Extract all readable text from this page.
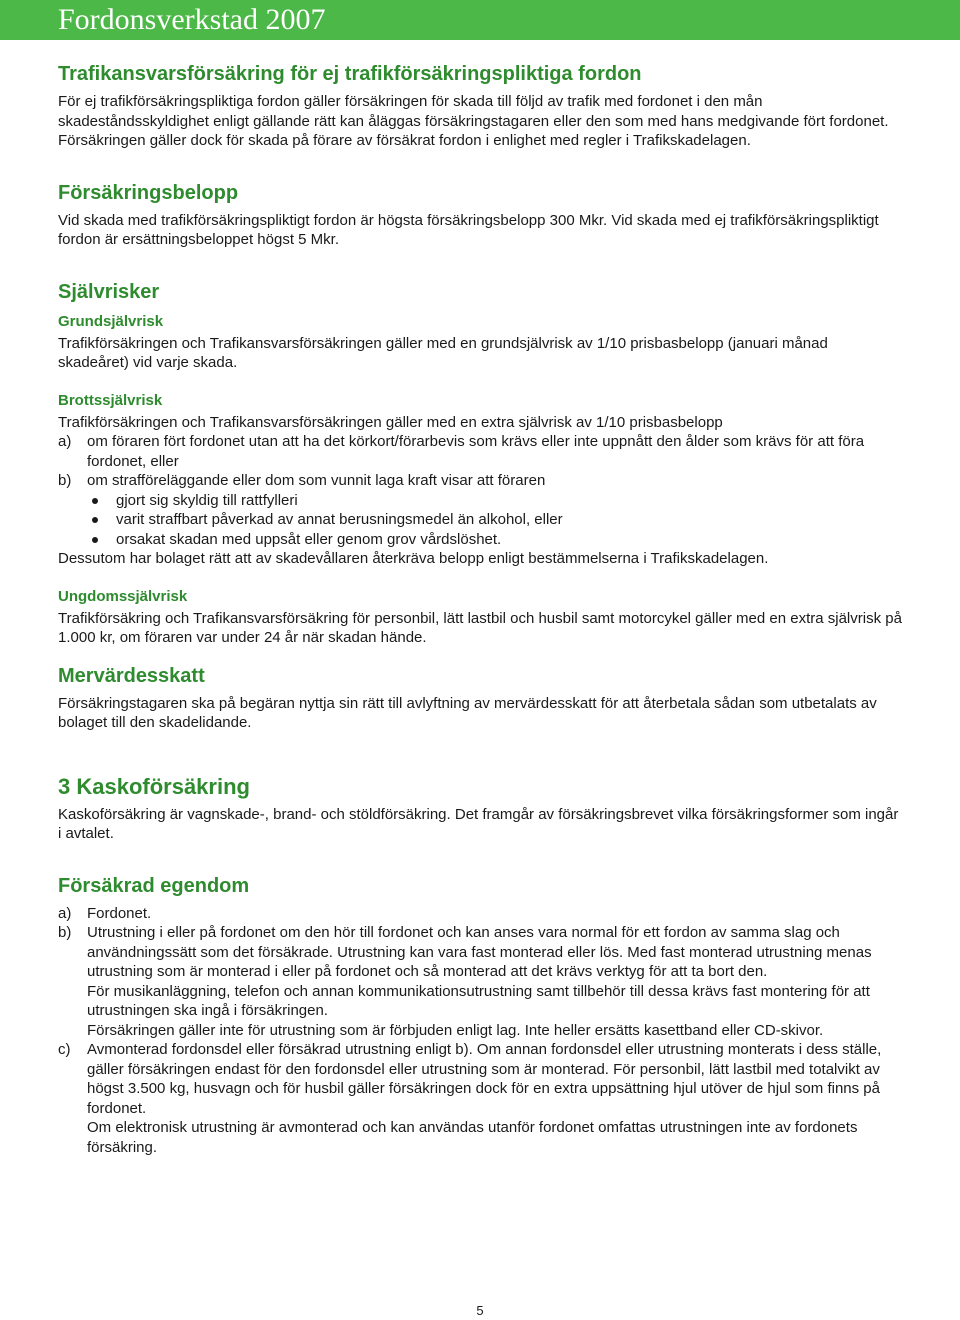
Fordonsverkstad 2007
Trafikansvarsförsäkring för ej trafikförsäkringspliktiga fordon

För ej trafikförsäkringspliktiga fordon gäller försäkringen för skada till följd av trafik med fordonet i den mån skadeståndsskyldighet enligt gällande rätt kan åläggas försäkringstagaren eller den som med hans medgivande fört fordonet.

Försäkringen gäller dock för skada på förare av försäkrat fordon i enlighet med regler i Trafikskadelagen.

Försäkringsbelopp

Vid skada med trafikförsäkringspliktigt fordon är högsta försäkringsbelopp 300 Mkr. Vid skada med ej trafikförsäkringspliktigt fordon är ersättningsbeloppet högst 5 Mkr.

Självrisker
Grundsjälvrisk

Trafikförsäkringen och Trafikansvarsförsäkringen gäller med en grundsjälvrisk av 1/10 prisbasbelopp (januari månad skadeåret) vid varje skada.

Brottssjälvrisk

Trafikförsäkringen och Trafikansvarsförsäkringen gäller med en extra självrisk av 1/10 prisbasbelopp

a) om föraren fört fordonet utan att ha det körkort/förarbevis som krävs eller inte uppnått den ålder som krävs för att föra fordonet, eller
b) om strafföreläggande eller dom som vunnit laga kraft visar att föraren
gjort sig skyldig till rattfylleri
varit straffbart påverkad av annat berusningsmedel än alkohol, eller
orsakat skadan med uppsåt eller genom grov vårdslöshet.

Dessutom har bolaget rätt att av skadevållaren återkräva belopp enligt bestämmelserna i Trafikskadelagen.

Ungdomssjälvrisk

Trafikförsäkring och Trafikansvarsförsäkring för personbil, lätt lastbil och husbil samt motorcykel gäller med en extra självrisk på 1.000 kr, om föraren var under 24 år när skadan hände.

Mervärdesskatt

Försäkringstagaren ska på begäran nyttja sin rätt till avlyftning av mervärdesskatt för att återbetala sådan som utbetalats av bolaget till den skadelidande.

3 Kaskoförsäkring

Kaskoförsäkring är vagnskade-, brand- och stöldförsäkring. Det framgår av försäkringsbrevet vilka försäkringsformer som ingår i avtalet.

Försäkrad egendom
a) Fordonet.

b) Utrustning i eller på fordonet om den hör till fordonet och kan anses vara normal för ett fordon av samma slag och användningssätt som det försäkrade. Utrustning kan vara fast monterad eller lös. Med fast monterad utrustning menas utrustning som är monterad i eller på fordonet och så monterad att det krävs verktyg för att ta bort den.

För musikanläggning, telefon och annan kommunikationsutrustning samt tillbehör till dessa krävs fast montering för att utrustningen ska ingå i försäkringen.

Försäkringen gäller inte för utrustning som är förbjuden enligt lag. Inte heller ersätts kasettband eller CD-skivor.

c) Avmonterad fordonsdel eller försäkrad utrustning enligt b). Om annan fordonsdel eller utrustning monterats i dess ställe, gäller försäkringen endast för den fordonsdel eller utrustning som är monterad. För personbil, lätt lastbil med totalvikt av högst 3.500 kg, husvagn och för husbil gäller försäkringen dock för en extra uppsättning hjul utöver de hjul som finns på fordonet.

Om elektronisk utrustning är avmonterad och kan användas utanför fordonet omfattas utrustningen inte av fordonets försäkring.

5
